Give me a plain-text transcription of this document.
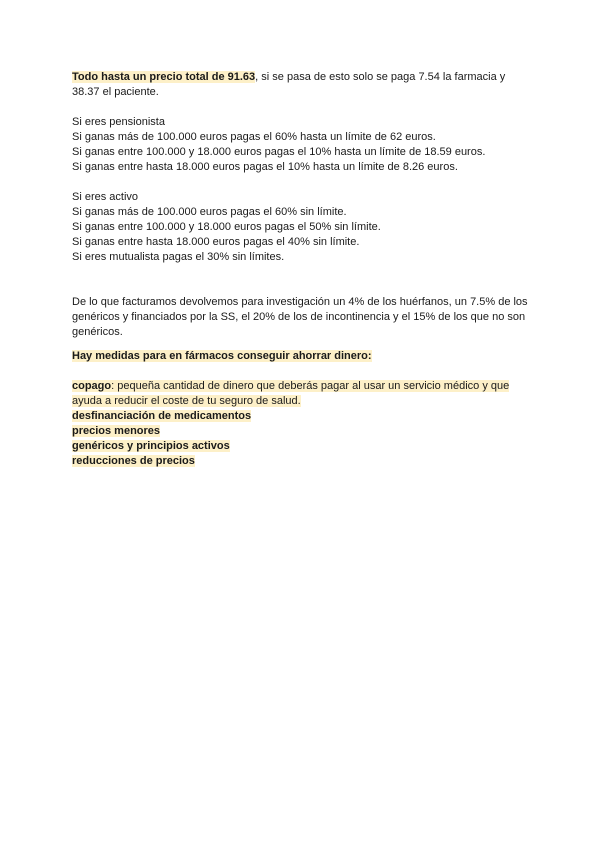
Todo hasta un precio total de 91.63, si se pasa de esto solo se paga 7.54 la farmacia y 38.37 el paciente.

Si eres pensionista

Si ganas más de 100.000 euros pagas el 60% hasta un límite de 62 euros.

Si ganas entre 100.000 y 18.000 euros pagas el 10% hasta un límite de 18.59 euros.

Si ganas entre hasta 18.000 euros pagas el 10% hasta un límite de 8.26 euros.

Si eres activo

Si ganas más de 100.000 euros pagas el 60% sin límite.

Si ganas entre 100.000 y 18.000 euros pagas el 50% sin límite.

Si ganas entre hasta 18.000 euros pagas el 40% sin límite.

Si eres mutualista pagas el 30% sin límites.

De lo que facturamos devolvemos para investigación un 4% de los huérfanos, un 7.5% de los genéricos y financiados por la SS, el 20% de los de incontinencia y el 15% de los que no son genéricos.

Hay medidas para en fármacos conseguir ahorrar dinero:

copago: pequeña cantidad de dinero que deberás pagar al usar un servicio médico y que ayuda a reducir el coste de tu seguro de salud.

desfinanciación de medicamentos

precios menores

genéricos y principios activos

reducciones de precios
